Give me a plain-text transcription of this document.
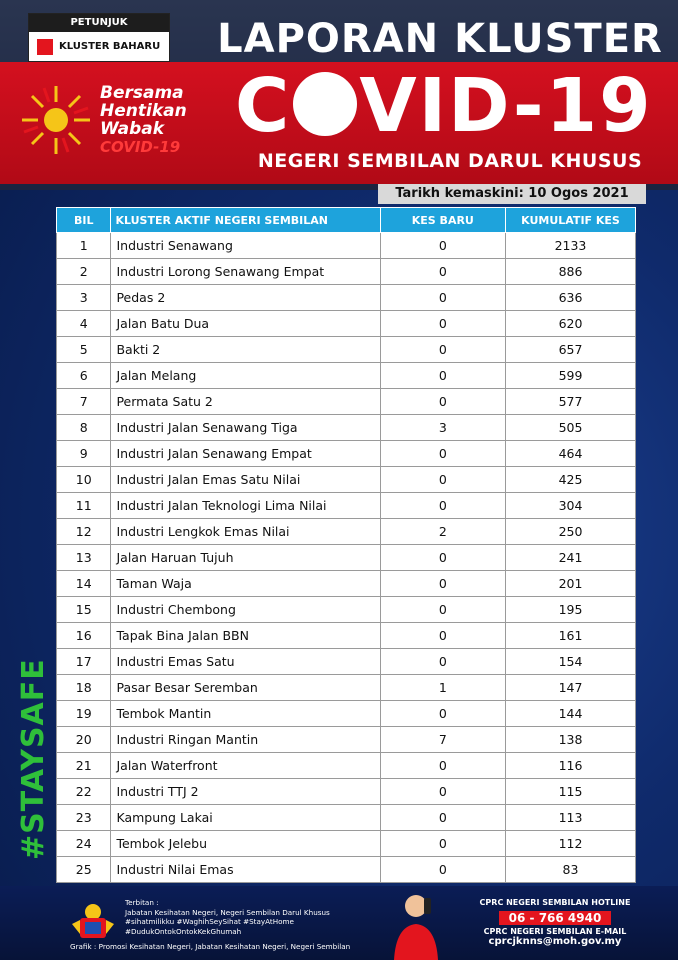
PETUNJUK
KLUSTER BAHARU LAPORAN KLUSTER
Bersama
Hentikan
Wabak
COVID-19 C VID-19
NEGERI SEMBILAN DARUL KHUSUS
Tarikh kemaskini: 10 Ogos 2021
BIL	KLUSTER AKTIF NEGERI SEMBILAN	KES BARU	KUMULATIF KES
1	Industri Senawang	0	2133
2	Industri Lorong Senawang Empat	0	886
3	Pedas 2	0	636
4	Jalan Batu Dua	0	620
5	Bakti 2	0	657
6	Jalan Melang	0	599
7	Permata Satu 2	0	577
8	Industri Jalan Senawang Tiga	3	505
9	Industri Jalan Senawang Empat	0	464
10	Industri Jalan Emas Satu Nilai	0	425
11	Industri Jalan Teknologi Lima Nilai	0	304
12	Industri Lengkok Emas Nilai	2	250
13	Jalan Haruan Tujuh	0	241
14	Taman Waja	0	201
15	Industri Chembong	0	195
16	Tapak Bina Jalan BBN	0	161
17	Industri Emas Satu	0	154
18	Pasar Besar Seremban	1	147
19	Tembok Mantin	0	144
20	Industri Ringan Mantin	7	138
21	Jalan Waterfront	0	116
22	Industri TTJ 2	0	115
23	Kampung Lakai	0	113
24	Tembok Jelebu	0	112
25	Industri Nilai Emas	0	83
#STAYSAFE
Terbitan :
Jabatan Kesihatan Negeri, Negeri Sembilan Darul Khusus
#sihatmilikku #WaghihSeySihat #StayAtHome
#DudukOntokOntokKekGhumah
Grafik : Promosi Kesihatan Negeri, Jabatan Kesihatan Negeri, Negeri Sembilan
CPRC NEGERI SEMBILAN HOTLINE
06 - 766 4940
CPRC NEGERI SEMBILAN E-MAIL
cprcjknns@moh.gov.my
